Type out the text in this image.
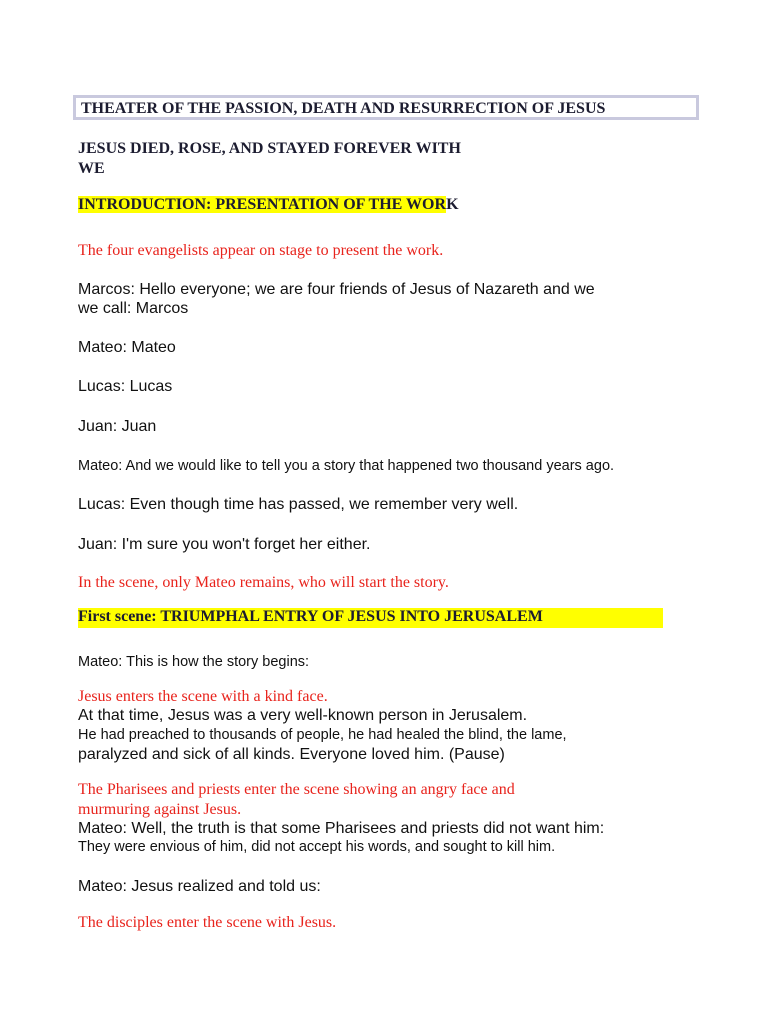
THEATER OF THE PASSION, DEATH AND RESURRECTION OF JESUS

JESUS DIED, ROSE, AND STAYED FOREVER WITH

WE

INTRODUCTION: PRESENTATION OF THE WORK

The four evangelists appear on stage to present the work.

Marcos: Hello everyone; we are four friends of Jesus of Nazareth and we

we call: Marcos

Mateo: Mateo

Lucas: Lucas

Juan: Juan

Mateo: And we would like to tell you a story that happened two thousand years ago.

Lucas: Even though time has passed, we remember very well.

Juan: I'm sure you won't forget her either.

In the scene, only Mateo remains, who will start the story.

First scene: TRIUMPHAL ENTRY OF JESUS INTO JERUSALEM

Mateo: This is how the story begins:

Jesus enters the scene with a kind face.

At that time, Jesus was a very well-known person in Jerusalem.

He had preached to thousands of people, he had healed the blind, the lame,

paralyzed and sick of all kinds. Everyone loved him. (Pause)

The Pharisees and priests enter the scene showing an angry face and

murmuring against Jesus.

Mateo: Well, the truth is that some Pharisees and priests did not want him:

They were envious of him, did not accept his words, and sought to kill him.

Mateo: Jesus realized and told us:

The disciples enter the scene with Jesus.
